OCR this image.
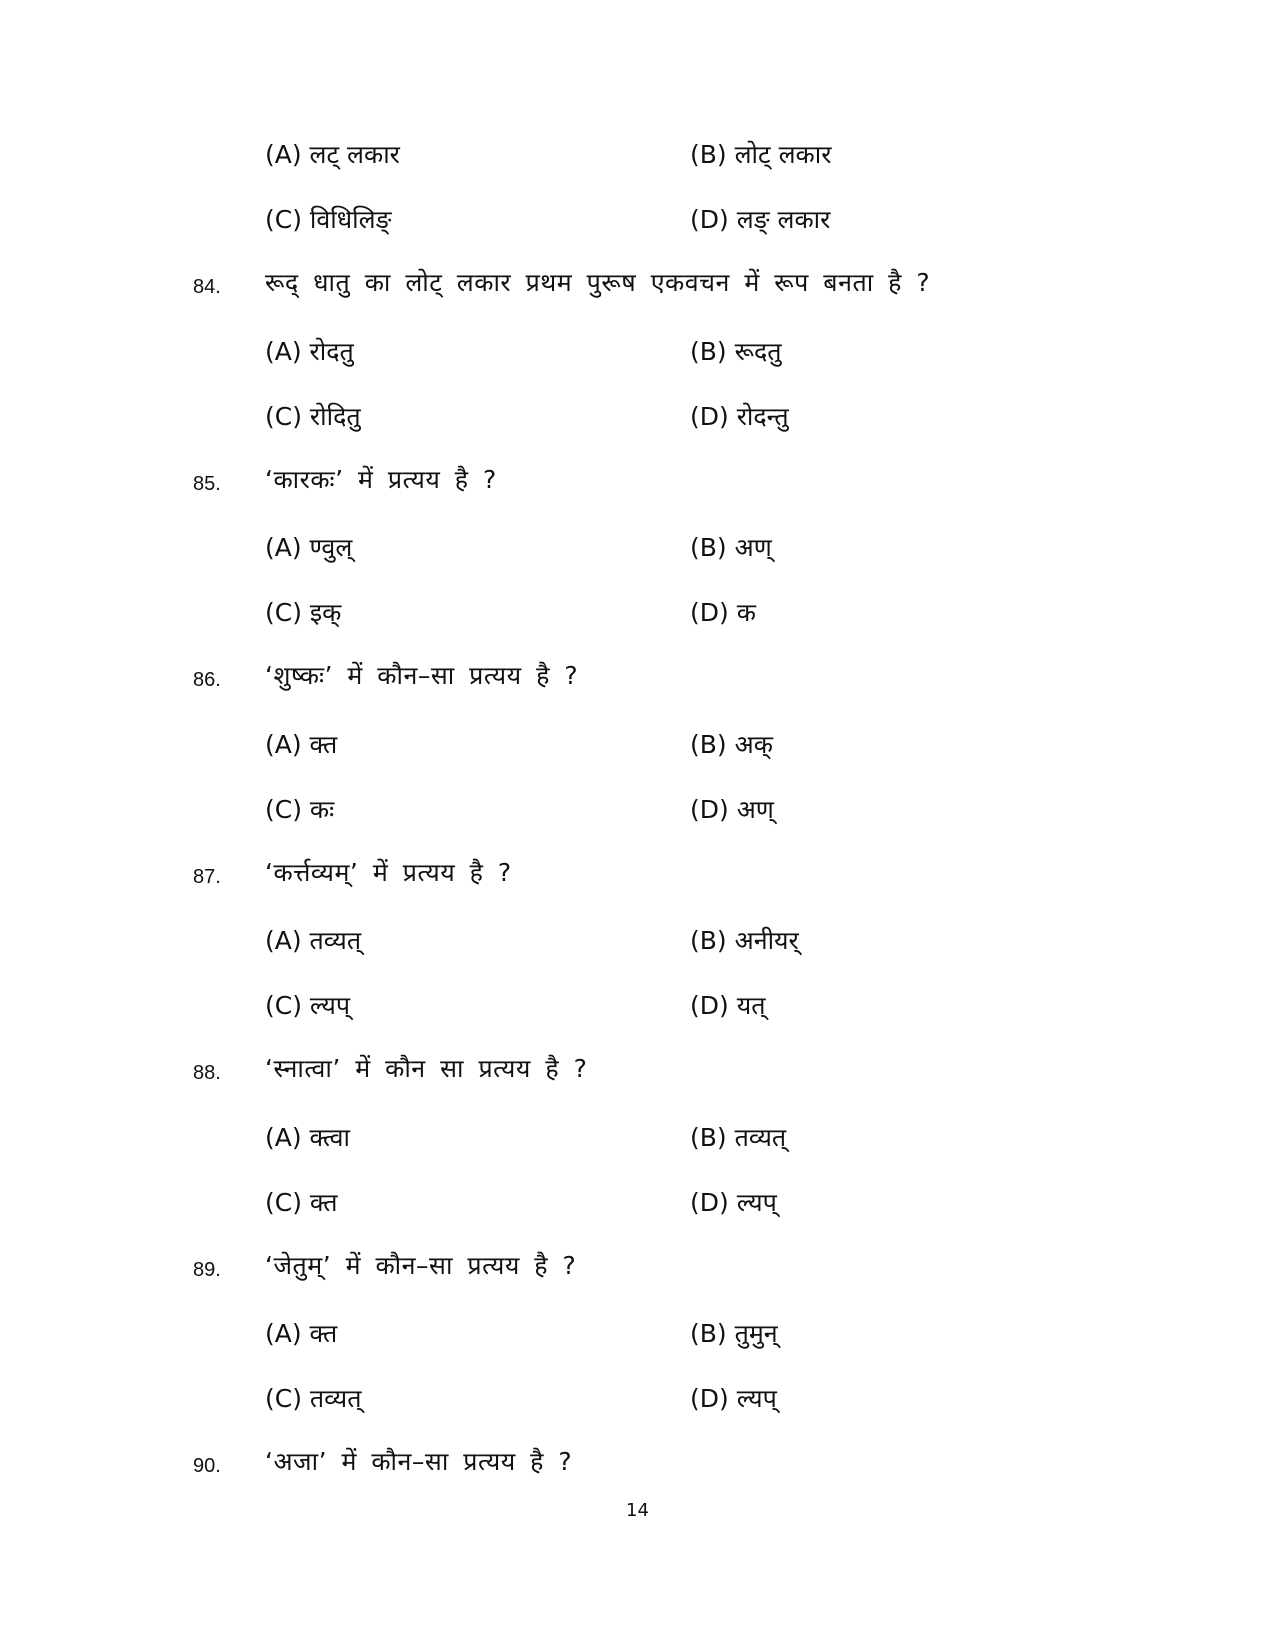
(A) लट् लकार	(B) लोट् लकार
(C) विधिलिङ्	(D) लङ् लकार
84. रूद् धातु का लोट् लकार प्रथम पुरूष एकवचन में रूप बनता है ?
(A) रोदतु	(B) रूदतु
(C) रोदितु	(D) रोदन्तु
85. ‘कारकः’ में प्रत्यय है ?
(A) ण्वुल्	(B) अण्
(C) इक्	(D) क
86. ‘शुष्कः’ में कौन–सा प्रत्यय है ?
(A) क्त	(B) अक्
(C) कः	(D) अण्
87. ‘कर्त्तव्यम्’ में प्रत्यय है ?
(A) तव्यत्	(B) अनीयर्
(C) ल्यप्	(D) यत्
88. ‘स्नात्वा’ में कौन सा प्रत्यय है ?
(A) क्त्वा	(B) तव्यत्
(C) क्त	(D) ल्यप्
89. ‘जेतुम्’ में कौन–सा प्रत्यय है ?
(A) क्त	(B) तुमुन्
(C) तव्यत्	(D) ल्यप्
90. ‘अजा’ में कौन–सा प्रत्यय है ?
14
